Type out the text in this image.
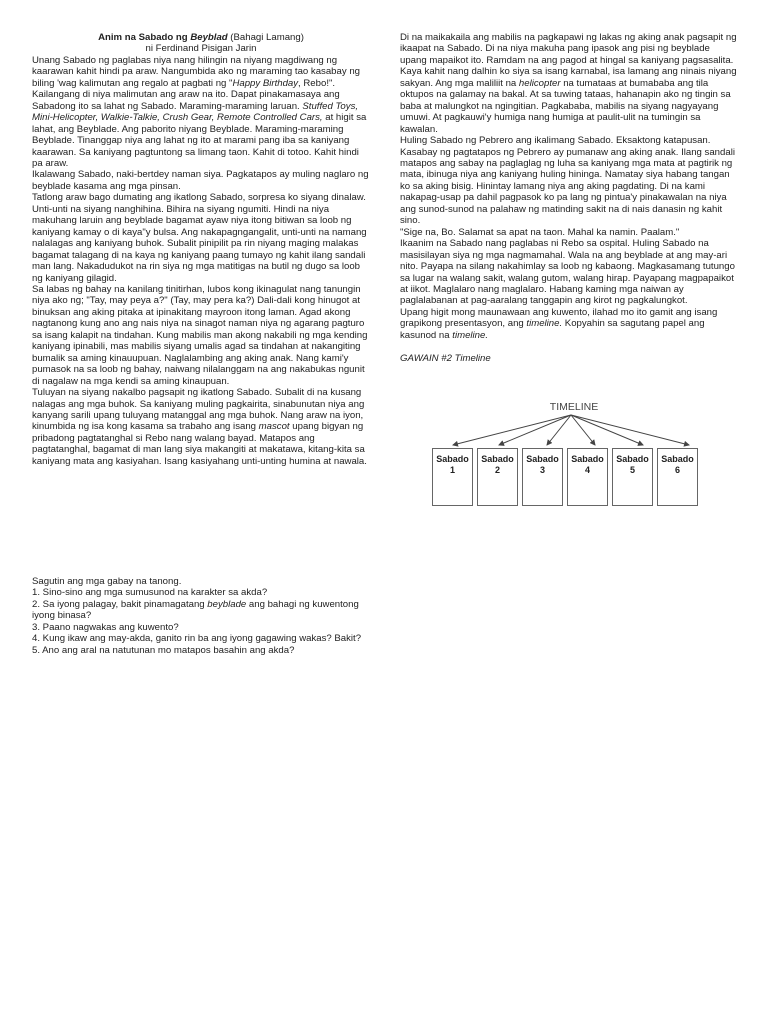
Anim na Sabado ng Beyblad (Bahagi Lamang)

ni Ferdinand Pisigan Jarin

Unang Sabado ng paglabas niya nang hilingin na niyang magdiwang ng kaarawan kahit hindi pa araw. Nangumbida ako ng maraming tao kasabay ng biling 'wag kalimutan ang regalo at pagbati ng "Happy Birthday, Rebo!". Kailangang di niya malimutan ang araw na ito. Dapat pinakamasaya ang Sabadong ito sa lahat ng Sabado. Maraming-maraming laruan. Stuffed Toys, Mini-Helicopter, Walkie-Talkie, Crush Gear, Remote Controlled Cars, at higit sa lahat, ang Beyblade. Ang paborito niyang Beyblade. Maraming-maraming Beyblade. Tinanggap niya ang lahat ng ito at marami pang iba sa kaniyang kaarawan. Sa kaniyang pagtuntong sa limang taon. Kahit di totoo. Kahit hindi pa araw.

Ikalawang Sabado, naki-bertdey naman siya. Pagkatapos ay muling naglaro ng beyblade kasama ang mga pinsan.

Tatlong araw bago dumating ang ikatlong Sabado, sorpresa ko siyang dinalaw. Unti-unti na siyang nanghihina. Bihira na siyang ngumiti. Hindi na niya makuhang laruin ang beyblade bagamat ayaw niya itong bitiwan sa loob ng kaniyang kamay o di kaya"y bulsa. Ang nakapagngangalit, unti-unti na namang nalalagas ang kaniyang buhok. Subalit pinipilit pa rin niyang maging malakas bagamat talagang di na kaya ng kaniyang paang tumayo ng kahit ilang sandali man lang. Nakadudukot na rin siya ng mga matitigas na butil ng dugo sa loob ng kaniyang gilagid.

Sa labas ng bahay na kanilang tinitirhan, lubos kong ikinagulat nang tanungin niya ako ng; "Tay, may peya a?" (Tay, may pera ka?) Dali-dali kong hinugot at binuksan ang aking pitaka at ipinakitang mayroon itong laman. Agad akong nagtanong kung ano ang nais niya na sinagot naman niya ng agarang pagturo sa isang kalapit na tindahan. Kung mabilis man akong nakabili ng mga kending kaniyang ipinabili, mas mabilis siyang umalis agad sa tindahan at nakangiting bumalik sa aming kinauupuan. Naglalambing ang aking anak. Nang kami'y pumasok na sa loob ng bahay, naiwang nilalanggam na ang nakabukas ngunit di nagalaw na mga kendi sa aming kinaupuan.

Tuluyan na siyang nakalbo pagsapit ng ikatlong Sabado. Subalit di na kusang nalagas ang mga buhok. Sa kaniyang muling pagkairita, sinabunutan niya ang kanyang sarili upang tuluyang matanggal ang mga buhok. Nang araw na iyon, kinumbida ng isa kong kasama sa trabaho ang isang mascot upang bigyan ng pribadong pagtatanghal si Rebo nang walang bayad. Matapos ang pagtatanghal, bagamat di man lang siya makangiti at makatawa, kitang-kita sa kaniyang mata ang kasiyahan. Isang kasiyahang unti-unting humina at nawala.

Di na maikakaila ang mabilis na pagkapawi ng lakas ng aking anak pagsapit ng ikaapat na Sabado. Di na niya makuha pang ipasok ang pisi ng beyblade upang mapaikot ito. Ramdam na ang pagod at hingal sa kaniyang pagsasalita. Kaya kahit nang dalhin ko siya sa isang karnabal, isa lamang ang ninais niyang sakyan. Ang mga maliliit na helicopter na tumataas at bumababa ang tila oktupos na galamay na bakal. At sa tuwing tataas, hahanapin ako ng tingin sa baba at malungkot na ngingitian. Pagkababa, mabilis na siyang nagyayang umuwi. At pagkauwi'y humiga nang humiga at paulit-ulit na tumingin sa kawalan.

Huling Sabado ng Pebrero ang ikalimang Sabado. Eksaktong katapusan. Kasabay ng pagtatapos ng Pebrero ay pumanaw ang aking anak. Ilang sandali matapos ang sabay na paglaglag ng luha sa kaniyang mga mata at pagtirik ng mata, ibinuga niya ang kaniyang huling hininga. Namatay siya habang tangan ko sa aking bisig. Hinintay lamang niya ang aking pagdating. Di na kami nakapag-usap pa dahil pagpasok ko pa lang ng pintua'y pinakawalan na niya ang sunod-sunod na palahaw ng matinding sakit na di nais danasin ng kahit sino.

"Sige na, Bo. Salamat sa apat na taon. Mahal ka namin. Paalam."

Ikaanim na Sabado nang paglabas ni Rebo sa ospital. Huling Sabado na masisilayan siya ng mga nagmamahal. Wala na ang beyblade at ang may-ari nito. Payapa na silang nakahimlay sa loob ng kabaong. Magkasamang tutungo sa lugar na walang sakit, walang gutom, walang hirap. Payapang magpapaikot at iikot. Maglalaro nang maglalaro. Habang kaming mga naiwan ay paglalabanan at pag-aaralang tanggapin ang kirot ng pagkalungkot.

Upang higit mong maunawaan ang kuwento, ilahad mo ito gamit ang isang grapikong presentasyon, ang timeline. Kopyahin sa sagutang papel ang kasunod na timeline.

GAWAIN #2 Timeline

TIMELINE
Sabado
1
Sabado
2
Sabado
3
Sabado
4
Sabado
5
Sabado
6

Sagutin ang mga gabay na tanong.

1. Sino-sino ang mga sumusunod na karakter sa akda?

2. Sa iyong palagay, bakit pinamagatang beyblade ang bahagi ng kuwentong iyong binasa?

3. Paano nagwakas ang kuwento?

4. Kung ikaw ang may-akda, ganito rin ba ang iyong gagawing wakas? Bakit?

5. Ano ang aral na natutunan mo matapos basahin ang akda?
